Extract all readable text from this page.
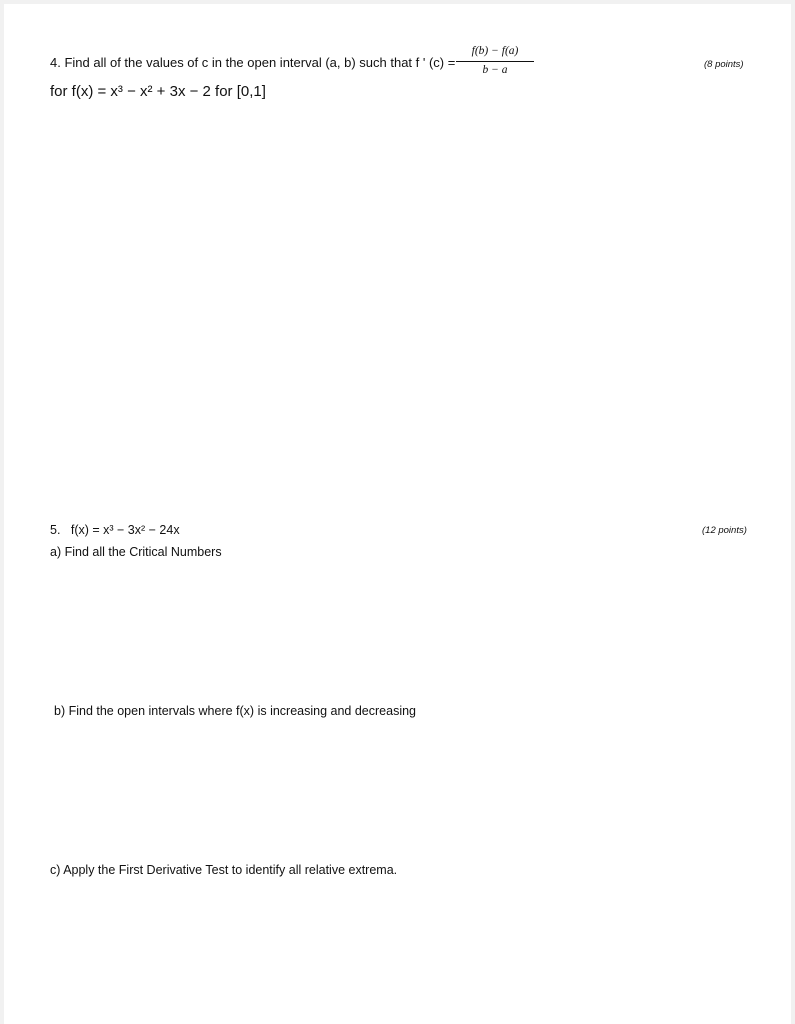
4. Find all of the values of c in the open interval (a, b) such that f ' $(c) = \frac{f(b) - f(a)}{b - a}$	(8 points)
for f(x) = x³ − x² + 3x − 2 for [0,1]
5. f(x) = x³ − 3x² − 24x	(12 points)
a) Find all the Critical Numbers
b) Find the open intervals where f(x) is increasing and decreasing
c) Apply the First Derivative Test to identify all relative extrema.
